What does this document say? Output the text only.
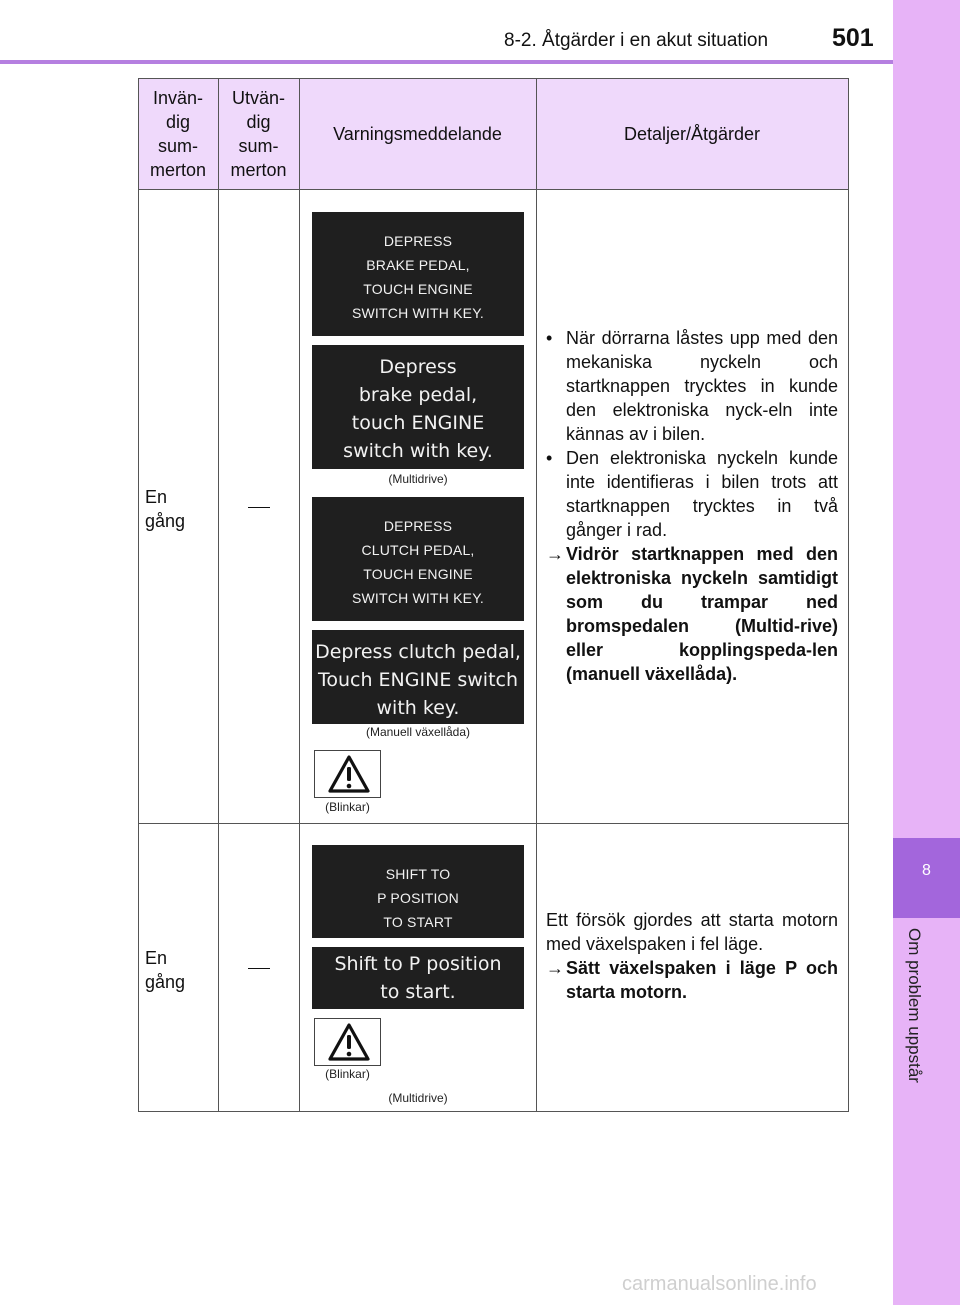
8-2. Åtgärder i en akut situation	501
8
Om problem uppstår
Invän-
dig
sum-
merton
Utvän-
dig
sum-
merton
Varningsmeddelande	Detaljer/Åtgärder
En
gång
DEPRESS
BRAKE PEDAL,
TOUCH ENGINE
SWITCH WITH KEY.
Depress
brake pedal,
touch ENGINE
switch with key.
(Multidrive)
DEPRESS
CLUTCH PEDAL,
TOUCH ENGINE
SWITCH WITH KEY.
Depress clutch pedal,
Touch ENGINE switch
with key.
(Manuell växellåda)
(Blinkar)
• När dörrarna låstes upp med den mekaniska nyckeln och startknappen trycktes in kunde den elektroniska nyck-eln inte kännas av i bilen.
• Den elektroniska nyckeln kunde inte identifieras i bilen trots att startknappen trycktes in två gånger i rad.
→ Vidrör startknappen med den elektroniska nyckeln samtidigt som du trampar ned bromspedalen (Multid-rive) eller kopplingspeda-len (manuell växellåda).
En
gång
SHIFT TO
P POSITION
TO START
Shift to P position
to start.
(Blinkar)
(Multidrive)
Ett försök gjordes att starta motorn med växelspaken i fel läge.
→ Sätt växelspaken i läge P och starta motorn.
carmanualsonline.info
